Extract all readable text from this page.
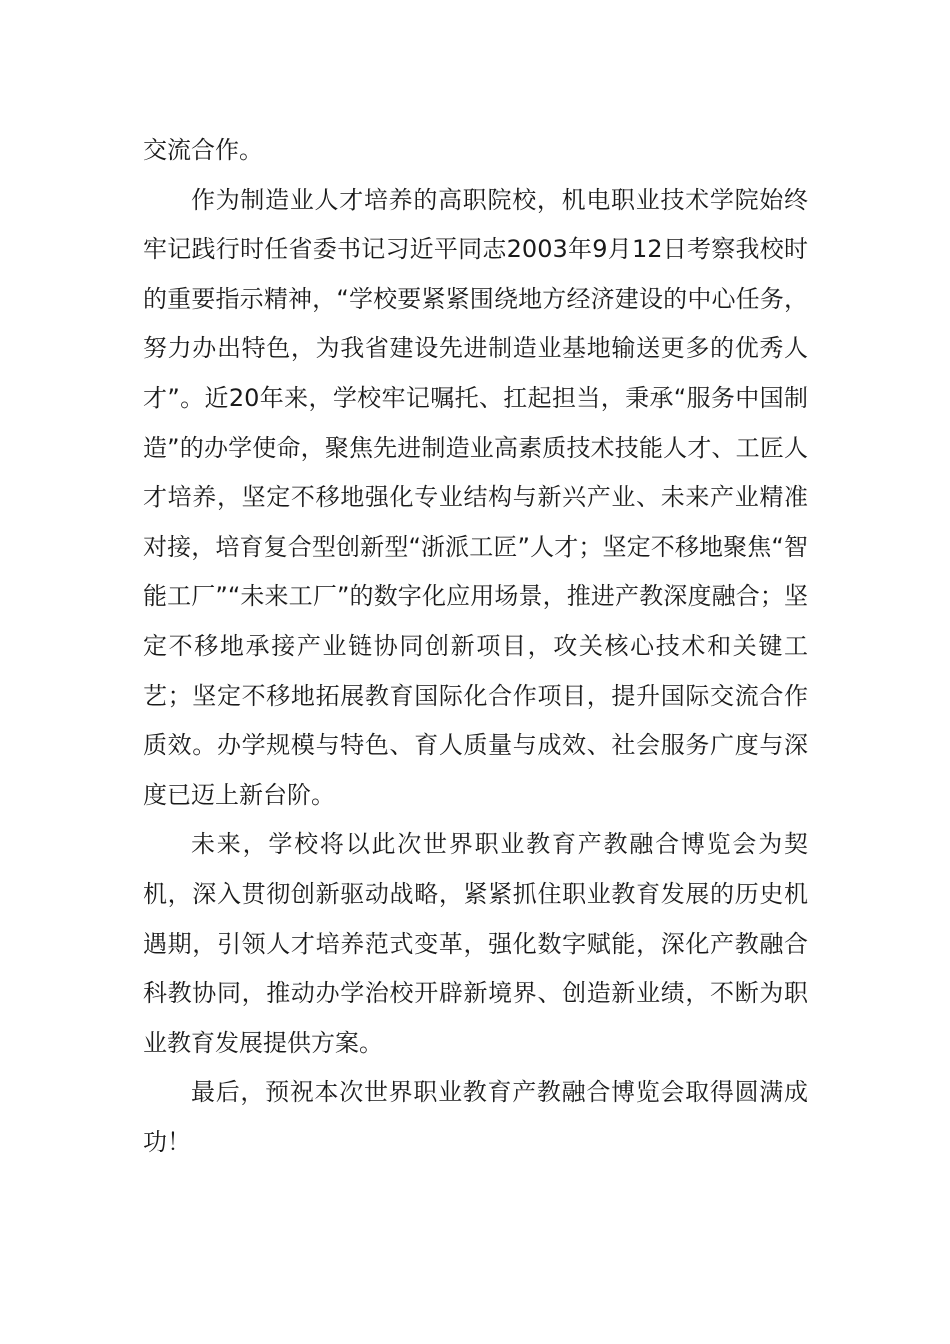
交流合作。

作为制造业人才培养的高职院校，机电职业技术学院始终牢记践行时任省委书记习近平同志2003年9月12日考察我校时的重要指示精神，“学校要紧紧围绕地方经济建设的中心任务，努力办出特色，为我省建设先进制造业基地输送更多的优秀人才”。近20年来，学校牢记嘱托、扛起担当，秉承“服务中国制造”的办学使命，聚焦先进制造业高素质技术技能人才、工匠人才培养，坚定不移地强化专业结构与新兴产业、未来产业精准对接，培育复合型创新型“浙派工匠”人才；坚定不移地聚焦“智能工厂”“未来工厂”的数字化应用场景，推进产教深度融合；坚定不移地承接产业链协同创新项目，攻关核心技术和关键工艺；坚定不移地拓展教育国际化合作项目，提升国际交流合作质效。办学规模与特色、育人质量与成效、社会服务广度与深度已迈上新台阶。

未来，学校将以此次世界职业教育产教融合博览会为契机，深入贯彻创新驱动战略，紧紧抓住职业教育发展的历史机遇期，引领人才培养范式变革，强化数字赋能，深化产教融合科教协同，推动办学治校开辟新境界、创造新业绩，不断为职业教育发展提供方案。

最后，预祝本次世界职业教育产教融合博览会取得圆满成功！
